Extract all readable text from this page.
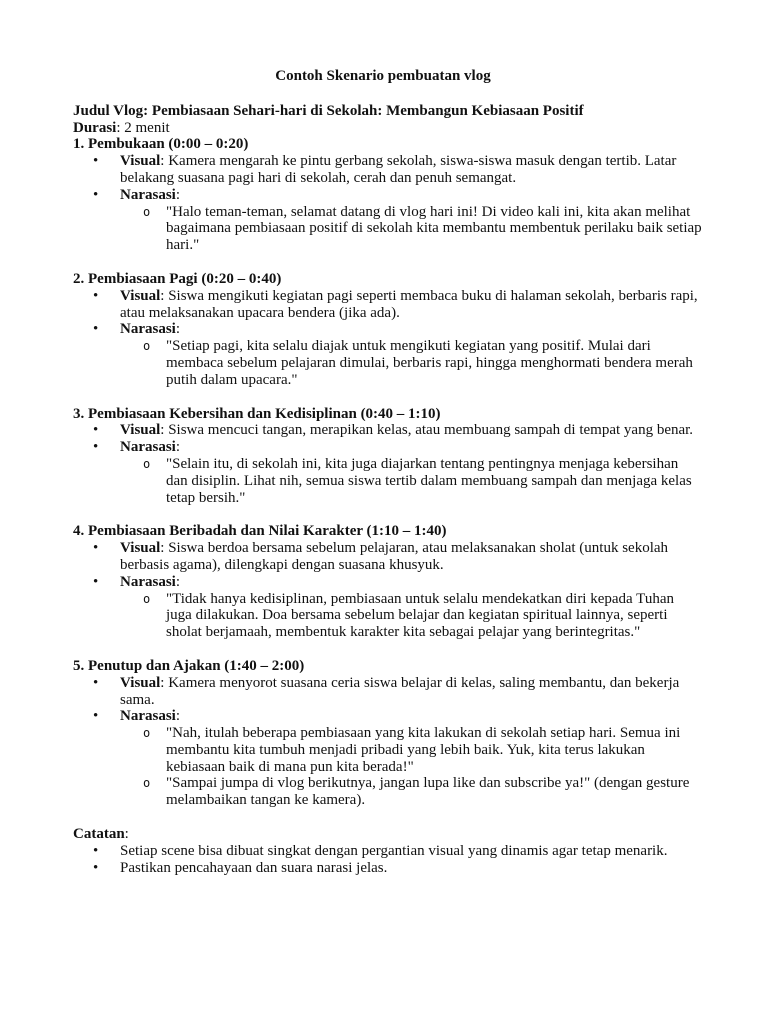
Contoh Skenario pembuatan vlog
Judul Vlog: Pembiasaan Sehari-hari di Sekolah: Membangun Kebiasaan Positif
Durasi: 2 menit
1. Pembukaan (0:00 – 0:20)
•	Visual: Kamera mengarah ke pintu gerbang sekolah, siswa-siswa masuk dengan tertib. Latar belakang suasana pagi hari di sekolah, cerah dan penuh semangat.
•	Narasasi:
o "Halo teman-teman, selamat datang di vlog hari ini! Di video kali ini, kita akan melihat bagaimana pembiasaan positif di sekolah kita membantu membentuk perilaku baik setiap hari."
2. Pembiasaan Pagi (0:20 – 0:40)
•	Visual: Siswa mengikuti kegiatan pagi seperti membaca buku di halaman sekolah, berbaris rapi, atau melaksanakan upacara bendera (jika ada).
•	Narasasi:
o "Setiap pagi, kita selalu diajak untuk mengikuti kegiatan yang positif. Mulai dari membaca sebelum pelajaran dimulai, berbaris rapi, hingga menghormati bendera merah putih dalam upacara."
3. Pembiasaan Kebersihan dan Kedisiplinan (0:40 – 1:10)
•	Visual: Siswa mencuci tangan, merapikan kelas, atau membuang sampah di tempat yang benar.
•	Narasasi:
o "Selain itu, di sekolah ini, kita juga diajarkan tentang pentingnya menjaga kebersihan dan disiplin. Lihat nih, semua siswa tertib dalam membuang sampah dan menjaga kelas tetap bersih."
4. Pembiasaan Beribadah dan Nilai Karakter (1:10 – 1:40)
•	Visual: Siswa berdoa bersama sebelum pelajaran, atau melaksanakan sholat (untuk sekolah berbasis agama), dilengkapi dengan suasana khusyuk.
•	Narasasi:
o "Tidak hanya kedisiplinan, pembiasaan untuk selalu mendekatkan diri kepada Tuhan juga dilakukan. Doa bersama sebelum belajar dan kegiatan spiritual lainnya, seperti sholat berjamaah, membentuk karakter kita sebagai pelajar yang berintegritas."
5. Penutup dan Ajakan (1:40 – 2:00)
•	Visual: Kamera menyorot suasana ceria siswa belajar di kelas, saling membantu, dan bekerja sama.
•	Narasasi:
o "Nah, itulah beberapa pembiasaan yang kita lakukan di sekolah setiap hari. Semua ini membantu kita tumbuh menjadi pribadi yang lebih baik. Yuk, kita terus lakukan kebiasaan baik di mana pun kita berada!"
o "Sampai jumpa di vlog berikutnya, jangan lupa like dan subscribe ya!" (dengan gesture melambaikan tangan ke kamera).
Catatan:
•	Setiap scene bisa dibuat singkat dengan pergantian visual yang dinamis agar tetap menarik.
•	Pastikan pencahayaan dan suara narasi jelas.
